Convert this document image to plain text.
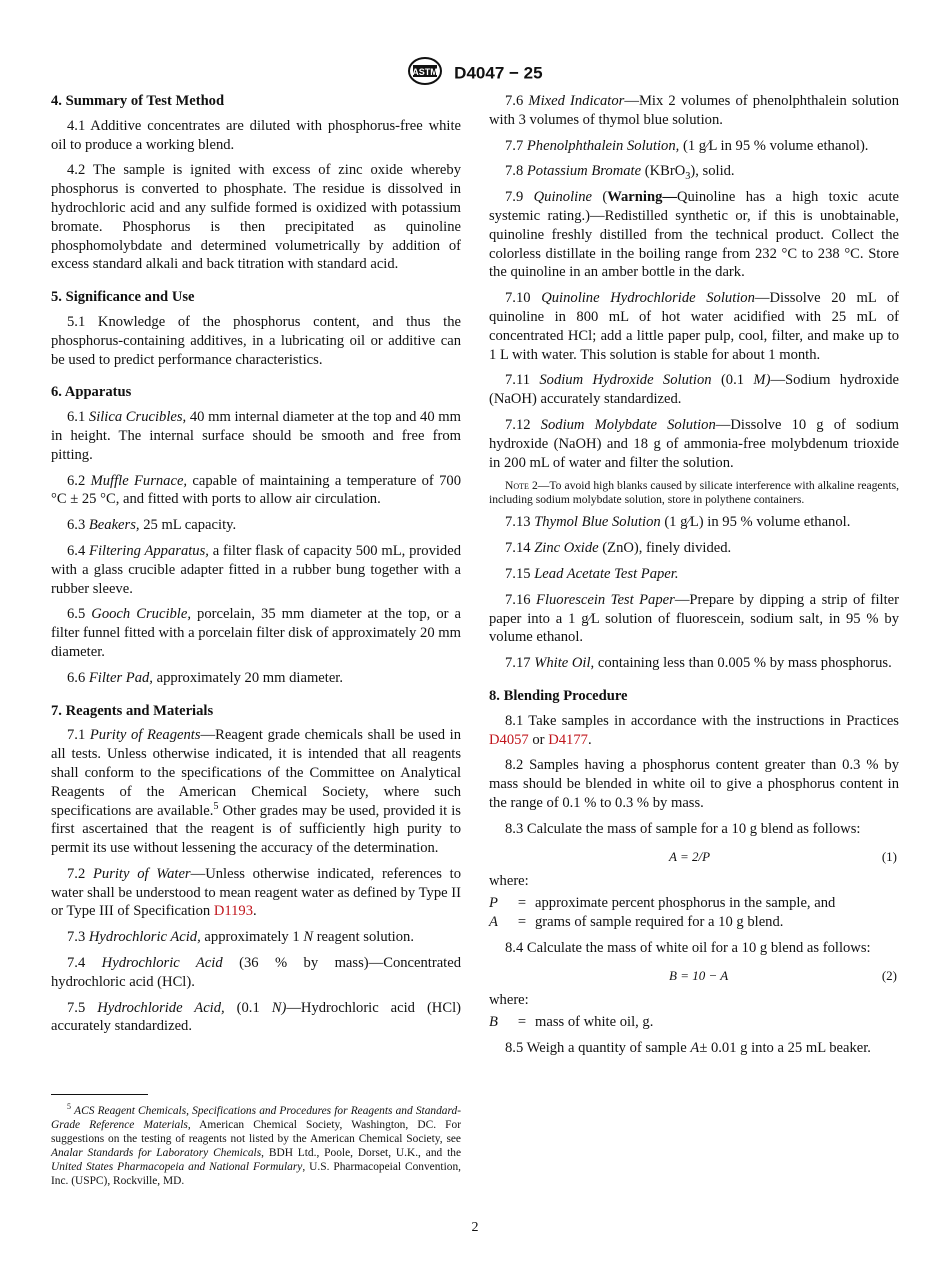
ASTM D4047 − 25
4. Summary of Test Method

4.1 Additive concentrates are diluted with phosphorus-free white oil to produce a working blend.

4.2 The sample is ignited with excess of zinc oxide whereby phosphorus is converted to phosphate. The residue is dissolved in hydrochloric acid and any sulfide formed is oxidized with potassium bromate. Phosphorus is then precipitated as quinoline phosphomolybdate and determined volumetrically by addition of excess standard alkali and back titration with standard acid.

5. Significance and Use

5.1 Knowledge of the phosphorus content, and thus the phosphorus-containing additives, in a lubricating oil or additive can be used to predict performance characteristics.

6. Apparatus

6.1 Silica Crucibles, 40 mm internal diameter at the top and 40 mm in height. The internal surface should be smooth and free from pitting.

6.2 Muffle Furnace, capable of maintaining a temperature of 700 °C ± 25 °C, and fitted with ports to allow air circulation.

6.3 Beakers, 25 mL capacity.

6.4 Filtering Apparatus, a filter flask of capacity 500 mL, provided with a glass crucible adapter fitted in a rubber bung together with a rubber sleeve.

6.5 Gooch Crucible, porcelain, 35 mm diameter at the top, or a filter funnel fitted with a porcelain filter disk of approximately 20 mm diameter.

6.6 Filter Pad, approximately 20 mm diameter.

7. Reagents and Materials

7.1 Purity of Reagents—Reagent grade chemicals shall be used in all tests. Unless otherwise indicated, it is intended that all reagents shall conform to the specifications of the Committee on Analytical Reagents of the American Chemical Society, where such specifications are available.$^5$ Other grades may be used, provided it is first ascertained that the reagent is of sufficiently high purity to permit its use without lessening the accuracy of the determination.

7.2 Purity of Water—Unless otherwise indicated, references to water shall be understood to mean reagent water as defined by Type II or Type III of Specification D1193.

7.3 Hydrochloric Acid, approximately 1 N reagent solution.

7.4 Hydrochloric Acid (36 % by mass)—Concentrated hydrochloric acid (HCl).

7.5 Hydrochloride Acid, (0.1 N)—Hydrochloric acid (HCl) accurately standardized.

7.6 Mixed Indicator—Mix 2 volumes of phenolphthalein solution with 3 volumes of thymol blue solution.

7.7 Phenolphthalein Solution, (1 g⁄L in 95 % volume ethanol).

7.8 Potassium Bromate (KBrO$_3$), solid.

7.9 Quinoline (Warning—Quinoline has a high toxic acute systemic rating.)—Redistilled synthetic or, if this is unobtainable, quinoline freshly distilled from the technical product. Collect the colorless distillate in the boiling range from 232 °C to 238 °C. Store the quinoline in an amber bottle in the dark.

7.10 Quinoline Hydrochloride Solution—Dissolve 20 mL of quinoline in 800 mL of hot water acidified with 25 mL of concentrated HCl; add a little paper pulp, cool, filter, and make up to 1 L with water. This solution is stable for about 1 month.

7.11 Sodium Hydroxide Solution (0.1 M)—Sodium hydroxide (NaOH) accurately standardized.

7.12 Sodium Molybdate Solution—Dissolve 10 g of sodium hydroxide (NaOH) and 18 g of ammonia-free molybdenum trioxide in 200 mL of water and filter the solution.

Note 2—To avoid high blanks caused by silicate interference with alkaline reagents, including sodium molybdate solution, store in polythene containers.

7.13 Thymol Blue Solution (1 g⁄L) in 95 % volume ethanol.

7.14 Zinc Oxide (ZnO), finely divided.

7.15 Lead Acetate Test Paper.

7.16 Fluorescein Test Paper—Prepare by dipping a strip of filter paper into a 1 g⁄L solution of fluorescein, sodium salt, in 95 % by volume ethanol.

7.17 White Oil, containing less than 0.005 % by mass phosphorus.

8. Blending Procedure

8.1 Take samples in accordance with the instructions in Practices D4057 or D4177.

8.2 Samples having a phosphorus content greater than 0.3 % by mass should be blended in white oil to give a phosphorus content in the range of 0.1 % to 0.3 % by mass.

8.3 Calculate the mass of sample for a 10 g blend as follows:

A = 2/P	(1)

where:

P	= approximate percent phosphorus in the sample, and
A	= grams of sample required for a 10 g blend.

8.4 Calculate the mass of white oil for a 10 g blend as follows:

B = 10 − A	(2)

where:

B	= mass of white oil, g.

8.5 Weigh a quantity of sample A± 0.01 g into a 25 mL beaker.

$^5$ ACS Reagent Chemicals, Specifications and Procedures for Reagents and Standard-Grade Reference Materials, American Chemical Society, Washington, DC. For suggestions on the testing of reagents not listed by the American Chemical Society, see Analar Standards for Laboratory Chemicals, BDH Ltd., Poole, Dorset, U.K., and the United States Pharmacopeia and National Formulary, U.S. Pharmacopeial Convention, Inc. (USPC), Rockville, MD.
2
